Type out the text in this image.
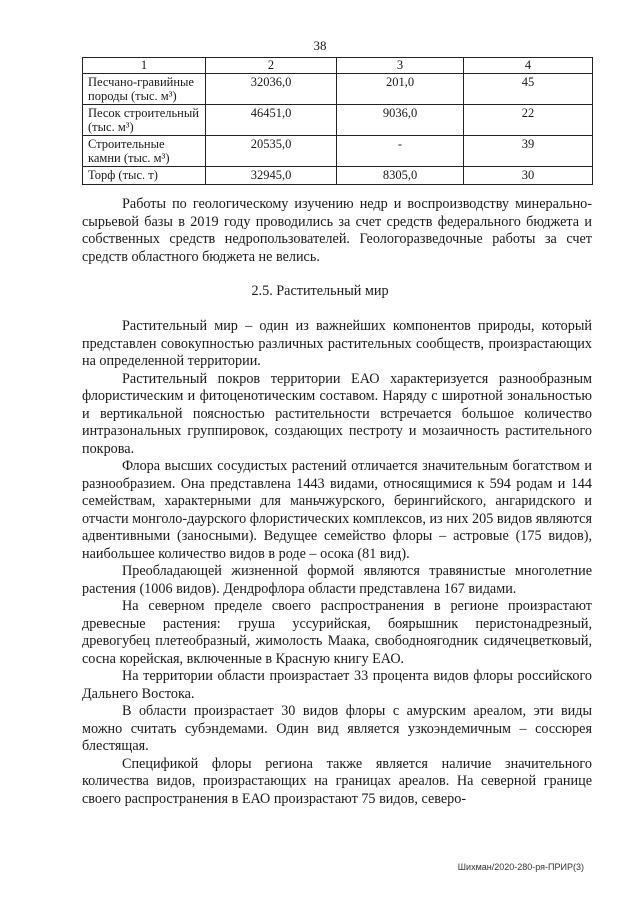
38
1	2	3	4
Песчано-гравийные
породы (тыс. м³)	32036,0	201,0	45
Песок строительный
(тыс. м³)	46451,0	9036,0	22
Строительные
камни (тыс. м³)	20535,0	-	39
Торф (тыс. т)	32945,0	8305,0	30

Работы по геологическому изучению недр и воспроизводству минерально-сырьевой базы в 2019 году проводились за счет средств федерального бюджета и собственных средств недропользователей. Геологоразведочные работы за счет средств областного бюджета не велись.

2.5. Растительный мир

Растительный мир – один из важнейших компонентов природы, который представлен совокупностью различных растительных сообществ, произрастающих на определенной территории.

Растительный покров территории ЕАО характеризуется разнообразным флористическим и фитоценотическим составом. Наряду с широтной зональностью и вертикальной поясностью растительности встречается большое количество интразональных группировок, создающих пестроту и мозаичность растительного покрова.

Флора высших сосудистых растений отличается значительным богатством и разнообразием. Она представлена 1443 видами, относящимися к 594 родам и 144 семействам, характерными для маньчжурского, берингийского, ангаридского и отчасти монголо-даурского флористических комплексов, из них 205 видов являются адвентивными (заносными). Ведущее семейство флоры – астровые (175 видов), наибольшее количество видов в роде – осока (81 вид).

Преобладающей жизненной формой являются травянистые многолетние растения (1006 видов). Дендрофлора области представлена 167 видами.

На северном пределе своего распространения в регионе произрастают древесные растения: груша уссурийская, боярышник перистонадрезный, древогубец плетеобразный, жимолость Маака, свободноягодник сидячецветковый, сосна корейская, включенные в Красную книгу ЕАО.

На территории области произрастает 33 процента видов флоры российского Дальнего Востока.

В области произрастает 30 видов флоры с амурским ареалом, эти виды можно считать субэндемами. Один вид является узкоэндемичным – соссюрея блестящая.

Спецификой флоры региона также является наличие значительного количества видов, произрастающих на границах ареалов. На северной границе своего распространения в ЕАО произрастают 75 видов, северо-

Шихман/2020-280-ря-ПРИР(3)
